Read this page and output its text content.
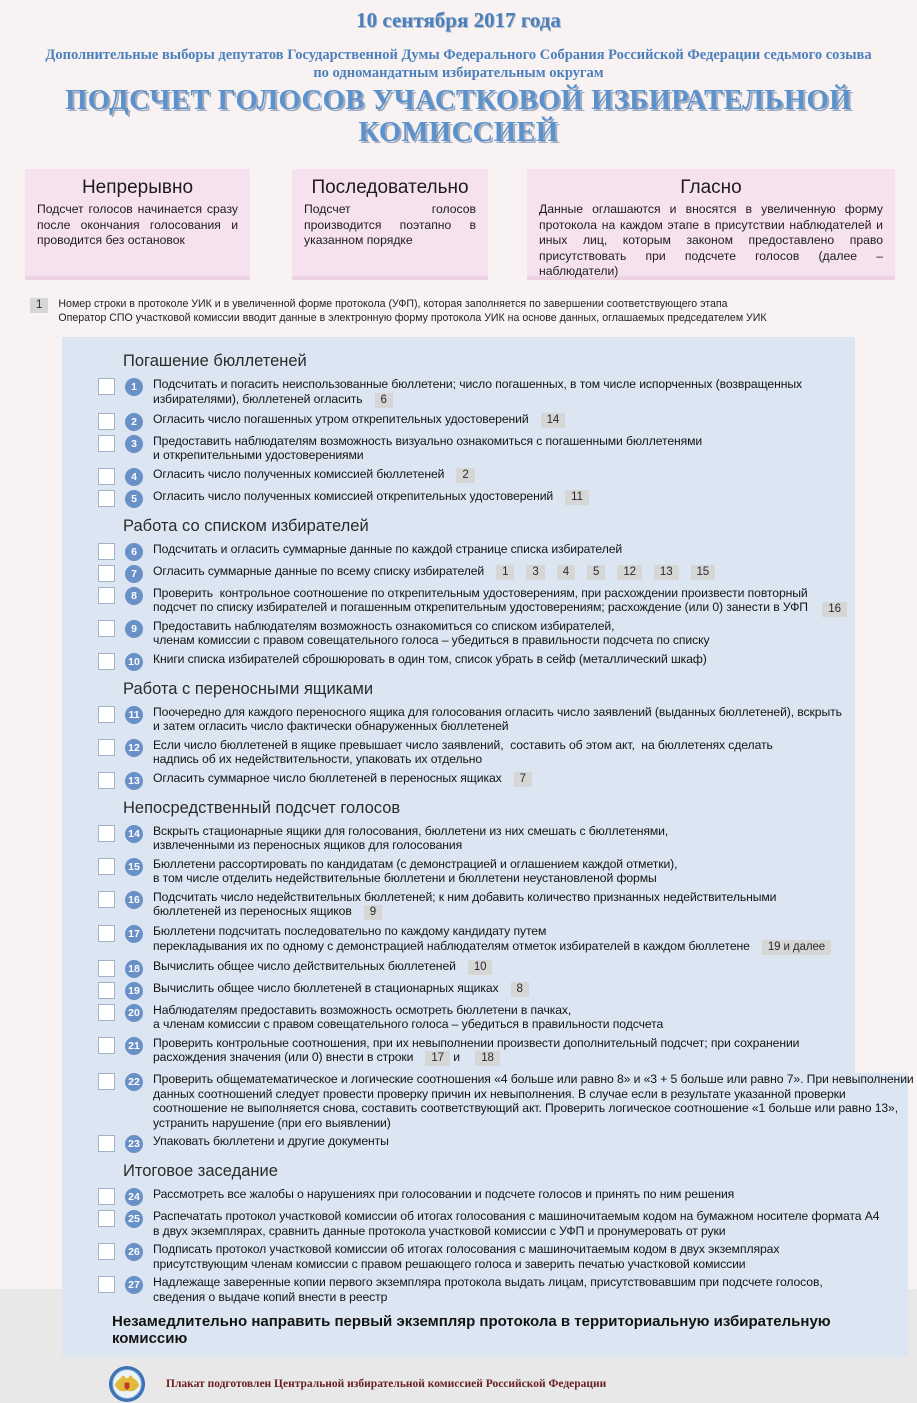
10 сентября 2017 года
Дополнительные выборы депутатов Государственной Думы Федерального Собрания Российской Федерации седьмого созыва
по одномандатным избирательным округам
ПОДСЧЕТ ГОЛОСОВ УЧАСТКОВОЙ ИЗБИРАТЕЛЬНОЙ КОМИССИЕЙ
Непрерывно
Подсчет голосов начинается сразу после окончания голосования и проводится без остановок
Последовательно
Подсчет голосов производится поэтапно в указанном порядке
Гласно
Данные оглашаются и вносятся в увеличенную форму протокола на каждом этапе в присутствии наблюдателей и иных лиц, которым законом предоставлено право присутствовать при подсчете голосов (далее – наблюдатели)
1	Номер строки в протоколе УИК и в увеличенной форме протокола (УФП), которая заполняется по завершении соответствующего этапа
Оператор СПО участковой комиссии вводит данные в электронную форму протокола УИК на основе данных, оглашаемых председателем УИК
Погашение бюллетеней
1	Подсчитать и погасить неиспользованные бюллетени; число погашенных, в том числе испорченных (возвращенных
избирателями), бюллетеней огласить 6
2	Огласить число погашенных утром открепительных удостоверений 14
3	Предоставить наблюдателям возможность визуально ознакомиться с погашенными бюллетенями
и открепительными удостоверениями
4	Огласить число полученных комиссией бюллетеней 2
5	Огласить число полученных комиссией открепительных удостоверений 11
Работа со списком избирателей
6	Подсчитать и огласить суммарные данные по каждой странице списка избирателей
7	Огласить суммарные данные по всему списку избирателей 1 3 4 5 12 13 15
8	Проверить  контрольное соотношение по открепительным удостоверениям, при расхождении произвести повторный
подсчет по списку избирателей и погашенным открепительным удостоверениям; расхождение (или 0) занести в УФП	16
9	Предоставить наблюдателям возможность ознакомиться со списком избирателей,
членам комиссии с правом совещательного голоса – убедиться в правильности подсчета по списку
10 Книги списка избирателей сброшюровать в один том, список убрать в сейф (металлический шкаф)
Работа с переносными ящиками
11 Поочередно для каждого переносного ящика для голосования огласить число заявлений (выданных бюллетеней), вскрыть
и затем огласить число фактически обнаруженных бюллетеней
12 Если число бюллетеней в ящике превышает число заявлений,  составить об этом акт,  на бюллетенях сделать
надпись об их недействительности, упаковать их отдельно
13 Огласить суммарное число бюллетеней в переносных ящиках 7
Непосредственный подсчет голосов
14 Вскрыть стационарные ящики для голосования, бюллетени из них смешать с бюллетенями,
извлеченными из переносных ящиков для голосования
15 Бюллетени рассортировать по кандидатам (с демонстрацией и оглашением каждой отметки),
в том числе отделить недействительные бюллетени и бюллетени неустановленой формы
16 Подсчитать число недействительных бюллетеней; к ним добавить количество признанных недействительными
бюллетеней из переносных ящиков 9
17 Бюллетени подсчитать последовательно по каждому кандидату путем
перекладывания их по одному с демонстрацией наблюдателям отметок избирателей в каждом бюллетене 19 и далее
18 Вычислить общее число действительных бюллетеней 10
19 Вычислить общее число бюллетеней в стационарных ящиках 8
20 Наблюдателям предоставить возможность осмотреть бюллетени в пачках,
а членам комиссии с правом совещательного голоса – убедиться в правильности подсчета
21 Проверить контрольные соотношения, при их невыполнении произвести дополнительный подсчет; при сохранении
расхождения значения (или 0) внести в строки 17 и 18
22 Проверить общематематическое и логические соотношения «4 больше или равно 8» и «3 + 5 больше или равно 7». При невыполнении
данных соотношений следует провести проверку причин их невыполнения. В случае если в результате указанной проверки
соотношение не выполняется снова, составить соответствующий акт. Проверить логическое соотношение «1 больше или равно 13»,
устранить нарушение (при его выявлении)
23 Упаковать бюллетени и другие документы
Итоговое заседание
24 Рассмотреть все жалобы о нарушениях при голосовании и подсчете голосов и принять по ним решения
25 Распечатать протокол участковой комиссии об итогах голосования с машиночитаемым кодом на бумажном носителе формата А4
в двух экземплярах, сравнить данные протокола участковой комиссии с УФП и пронумеровать от руки
26 Подписать протокол участковой комиссии об итогах голосования с машиночитаемым кодом в двух экземплярах
присутствующим членам комиссии с правом решающего голоса и заверить печатью участковой комиссии
27 Надлежаще заверенные копии первого экземпляра протокола выдать лицам, присутствовавшим при подсчете голосов,
сведения о выдаче копий внести в реестр
Незамедлительно направить первый экземпляр протокола в территориальную избирательную комиссию
Плакат подготовлен Центральной избирательной комиссией Российской Федерации
